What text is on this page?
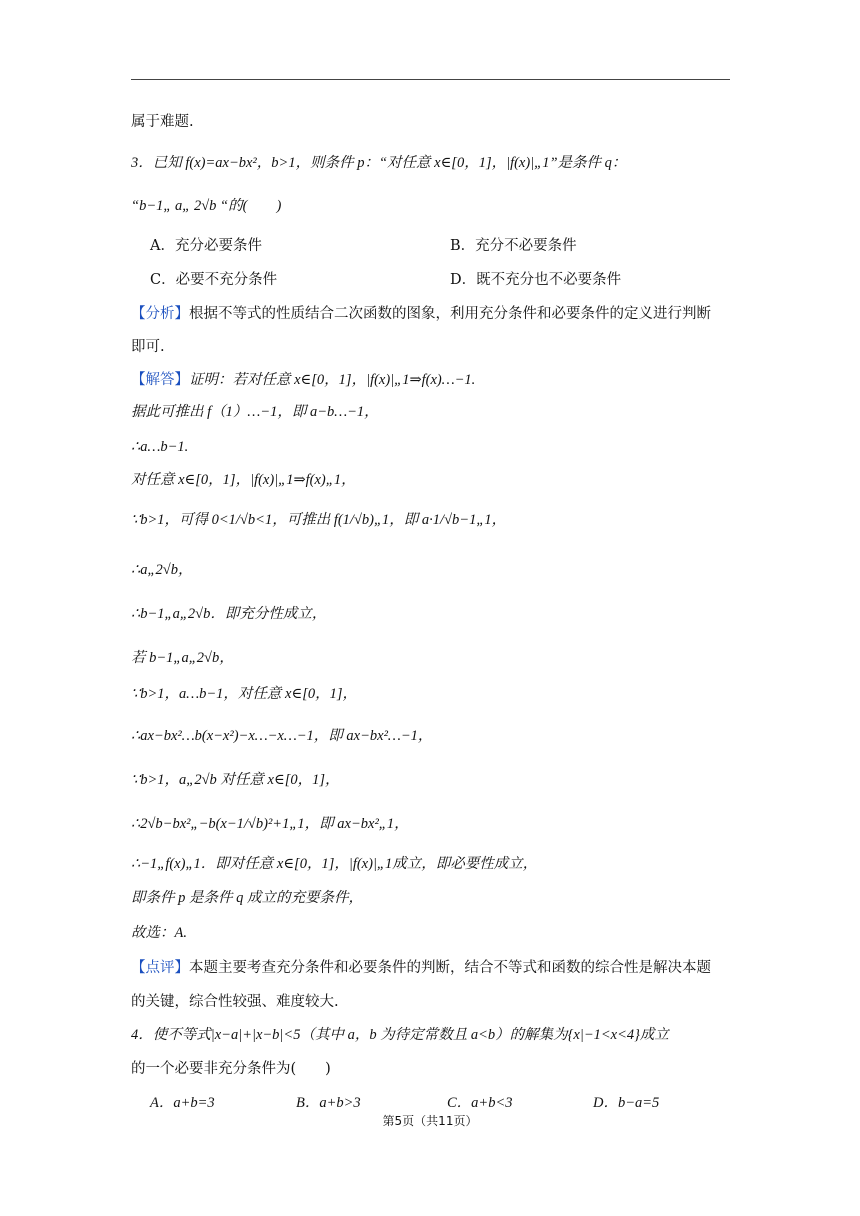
属于难题.
3．已知 f(x)=ax−bx²，b>1，则条件 p：“对任意 x∈[0，1]，|f(x)|„1”是条件 q：
“b−1„ a„ 2√b “的(　　)
A．充分必要条件	B．充分不必要条件
C．必要不充分条件	D．既不充分也不必要条件
【分析】根据不等式的性质结合二次函数的图象，利用充分条件和必要条件的定义进行判断
即可.
【解答】证明：若对任意 x∈[0，1]，|f(x)|„1⇒f(x)…−1.
据此可推出 f（1）…−1，即 a−b…−1，
∴a…b−1.
对任意 x∈[0，1]，|f(x)|„1⇒f(x)„1，
∵b>1，可得 0<1/√b<1，可推出 f(1/√b)„1，即 a·1/√b−1„1，
∴a„2√b，
∴b−1„a„2√b．即充分性成立，
若 b−1„a„2√b，
∵b>1，a…b−1，对任意 x∈[0，1]，
∴ax−bx²…b(x−x²)−x…−x…−1，即 ax−bx²…−1，
∵b>1，a„2√b 对任意 x∈[0，1]，
∴2√b−bx²„−b(x−1/√b)²+1„1，即 ax−bx²„1，
∴−1„f(x)„1．即对任意 x∈[0，1]，|f(x)|„1成立，即必要性成立，
即条件 p 是条件 q 成立的充要条件，
故选：A.
【点评】本题主要考查充分条件和必要条件的判断，结合不等式和函数的综合性是解决本题
的关键，综合性较强、难度较大.
4．使不等式|x−a|+|x−b|<5（其中 a，b 为待定常数且 a<b）的解集为{x|−1<x<4}成立
的一个必要非充分条件为(　　)
A．a+b=3	B．a+b>3	C．a+b<3	D．b−a=5
第5页（共11页）
